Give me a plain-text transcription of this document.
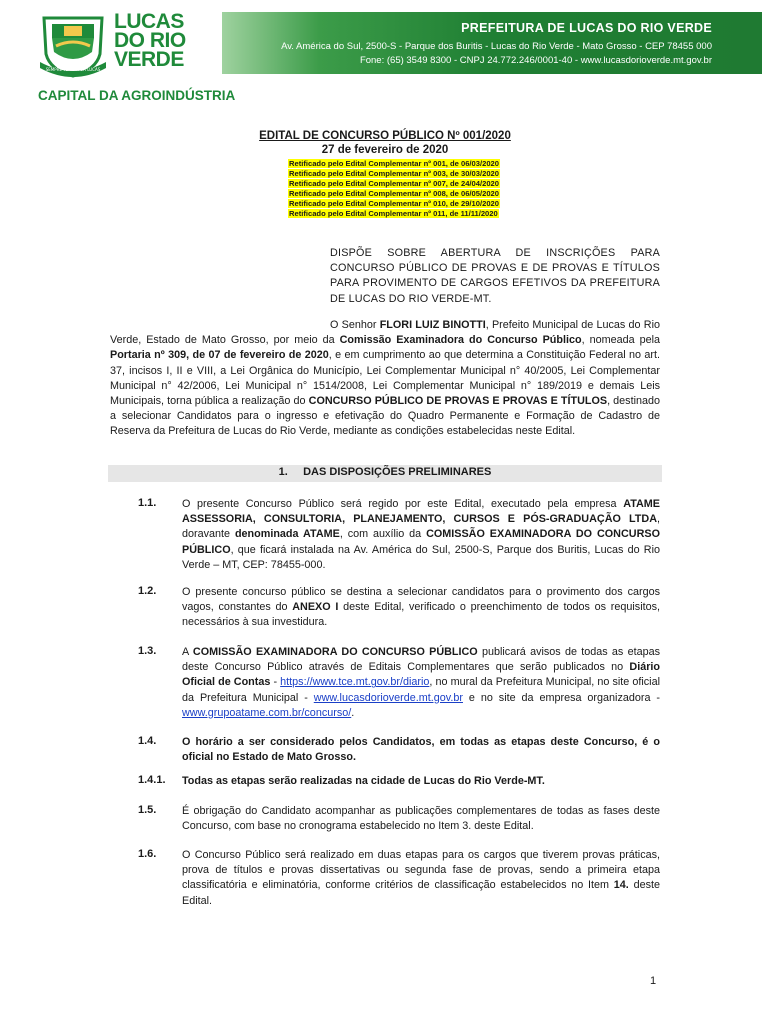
SEMPRE TERRA POR LUCAS
LUCAS
DO RIO
VERDE
CAPITAL DA AGROINDÚSTRIA
PREFEITURA DE LUCAS DO RIO VERDE
Av. América do Sul, 2500-S - Parque dos Buritis - Lucas do Rio Verde - Mato Grosso - CEP 78455 000
Fone: (65) 3549 8300 - CNPJ 24.772.246/0001-40 - www.lucasdorioverde.mt.gov.br
EDITAL DE CONCURSO PÚBLICO Nº 001/2020
27 de fevereiro de 2020
Retificado pelo Edital Complementar nº 001, de 06/03/2020
Retificado pelo Edital Complementar nº 003, de 30/03/2020
Retificado pelo Edital Complementar nº 007, de 24/04/2020
Retificado pelo Edital Complementar nº 008, de 06/05/2020
Retificado pelo Edital Complementar nº 010, de 29/10/2020
Retificado pelo Edital Complementar nº 011, de 11/11/2020
DISPÕE SOBRE ABERTURA DE INSCRIÇÕES PARA CONCURSO PÚBLICO DE PROVAS E DE PROVAS E TÍTULOS PARA PROVIMENTO DE CARGOS EFETIVOS DA PREFEITURA DE LUCAS DO RIO VERDE-MT.
O Senhor FLORI LUIZ BINOTTI, Prefeito Municipal de Lucas do Rio Verde, Estado de Mato Grosso, por meio da Comissão Examinadora do Concurso Público, nomeada pela Portaria nº 309, de 07 de fevereiro de 2020, e em cumprimento ao que determina a Constituição Federal no art. 37, incisos I, II e VIII, a Lei Orgânica do Município, Lei Complementar Municipal n° 40/2005, Lei Complementar Municipal n° 42/2006, Lei Municipal n° 1514/2008, Lei Complementar Municipal n° 189/2019 e demais Leis Municipais, torna pública a realização do CONCURSO PÚBLICO DE PROVAS E PROVAS E TÍTULOS, destinado a selecionar Candidatos para o ingresso e efetivação do Quadro Permanente e Formação de Cadastro de Reserva da Prefeitura de Lucas do Rio Verde, mediante as condições estabelecidas neste Edital.
1. DAS DISPOSIÇÕES PRELIMINARES
1.1. O presente Concurso Público será regido por este Edital, executado pela empresa ATAME ASSESSORIA, CONSULTORIA, PLANEJAMENTO, CURSOS E PÓS-GRADUAÇÃO LTDA, doravante denominada ATAME, com auxílio da COMISSÃO EXAMINADORA DO CONCURSO PÚBLICO, que ficará instalada na Av. América do Sul, 2500-S, Parque dos Buritis, Lucas do Rio Verde – MT, CEP: 78455-000.
1.2. O presente concurso público se destina a selecionar candidatos para o provimento dos cargos vagos, constantes do ANEXO I deste Edital, verificado o preenchimento de todos os requisitos, necessários à sua investidura.
1.3. A COMISSÃO EXAMINADORA DO CONCURSO PÚBLICO publicará avisos de todas as etapas deste Concurso Público através de Editais Complementares que serão publicados no Diário Oficial de Contas - https://www.tce.mt.gov.br/diario, no mural da Prefeitura Municipal, no site oficial da Prefeitura Municipal - www.lucasdorioverde.mt.gov.br e no site da empresa organizadora - www.grupoatame.com.br/concurso/.
1.4. O horário a ser considerado pelos Candidatos, em todas as etapas deste Concurso, é o oficial no Estado de Mato Grosso.
1.4.1. Todas as etapas serão realizadas na cidade de Lucas do Rio Verde-MT.
1.5. É obrigação do Candidato acompanhar as publicações complementares de todas as fases deste Concurso, com base no cronograma estabelecido no Item 3. deste Edital.
1.6. O Concurso Público será realizado em duas etapas para os cargos que tiverem provas práticas, prova de títulos e provas dissertativas ou segunda fase de provas, sendo a primeira etapa classificatória e eliminatória, conforme critérios de classificação estabelecidos no Item 14. deste Edital.
1
